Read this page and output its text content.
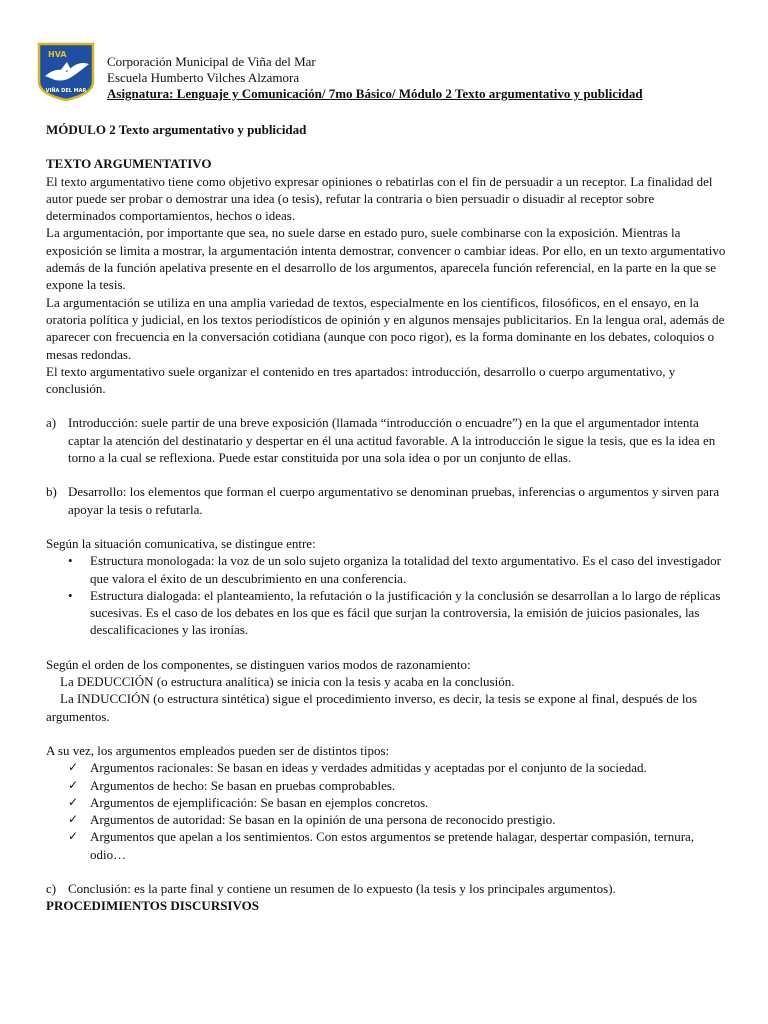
HVA
VIÑA DEL MAR
Corporación Municipal de Viña del Mar
Escuela Humberto Vilches Alzamora
Asignatura: Lenguaje y Comunicación/ 7mo Básico/ Módulo 2 Texto argumentativo y publicidad

MÓDULO 2 Texto argumentativo y publicidad

TEXTO ARGUMENTATIVO

El texto argumentativo tiene como objetivo expresar opiniones o rebatirlas con el fin de persuadir a un receptor. La finalidad del autor puede ser probar o demostrar una idea (o tesis), refutar la contraria o bien persuadir o disuadir al receptor sobre determinados comportamientos, hechos o ideas.

La argumentación, por importante que sea, no suele darse en estado puro, suele combinarse con la exposición. Mientras la exposición se limita a mostrar, la argumentación intenta demostrar, convencer o cambiar ideas. Por ello, en un texto argumentativo además de la función apelativa presente en el desarrollo de los argumentos, aparecela función referencial, en la parte en la que se expone la tesis.

La argumentación se utiliza en una amplia variedad de textos, especialmente en los científicos, filosóficos, en el ensayo, en la oratoria política y judicial, en los textos periodísticos de opinión y en algunos mensajes publicitarios. En la lengua oral, además de aparecer con frecuencia en la conversación cotidiana (aunque con poco rigor), es la forma dominante en los debates, coloquios o mesas redondas.

El texto argumentativo suele organizar el contenido en tres apartados: introducción, desarrollo o cuerpo argumentativo, y conclusión.

a) Introducción: suele partir de una breve exposición (llamada “introducción o encuadre”) en la que el argumentador intenta captar la atención del destinatario y despertar en él una actitud favorable. A la introducción le sigue la tesis, que es la idea en torno a la cual se reflexiona. Puede estar constituida por una sola idea o por un conjunto de ellas.
b) Desarrollo: los elementos que forman el cuerpo argumentativo se denominan pruebas, inferencias o argumentos y sirven para apoyar la tesis o refutarla.

Según la situación comunicativa, se distingue entre:

•	Estructura monologada: la voz de un solo sujeto organiza la totalidad del texto argumentativo. Es el caso del investigador que valora el éxito de un descubrimiento en una conferencia.
•	Estructura dialogada: el planteamiento, la refutación o la justificación y la conclusión se desarrollan a lo largo de réplicas sucesivas. Es el caso de los debates en los que es fácil que surjan la controversia, la emisión de juicios pasionales, las descalificaciones y las ironías.

Según el orden de los componentes, se distinguen varios modos de razonamiento:

La DEDUCCIÓN (o estructura analítica) se inicia con la tesis y acaba en la conclusión.

La INDUCCIÓN (o estructura sintética) sigue el procedimiento inverso, es decir, la tesis se expone al final, después de los argumentos.

A su vez, los argumentos empleados pueden ser de distintos tipos:

✓ Argumentos racionales: Se basan en ideas y verdades admitidas y aceptadas por el conjunto de la sociedad.
✓ Argumentos de hecho: Se basan en pruebas comprobables.
✓ Argumentos de ejemplificación: Se basan en ejemplos concretos.
✓ Argumentos de autoridad: Se basan en la opinión de una persona de reconocido prestigio.
✓ Argumentos que apelan a los sentimientos. Con estos argumentos se pretende halagar, despertar compasión, ternura, odio…
c) Conclusión: es la parte final y contiene un resumen de lo expuesto (la tesis y los principales argumentos).

PROCEDIMIENTOS DISCURSIVOS
